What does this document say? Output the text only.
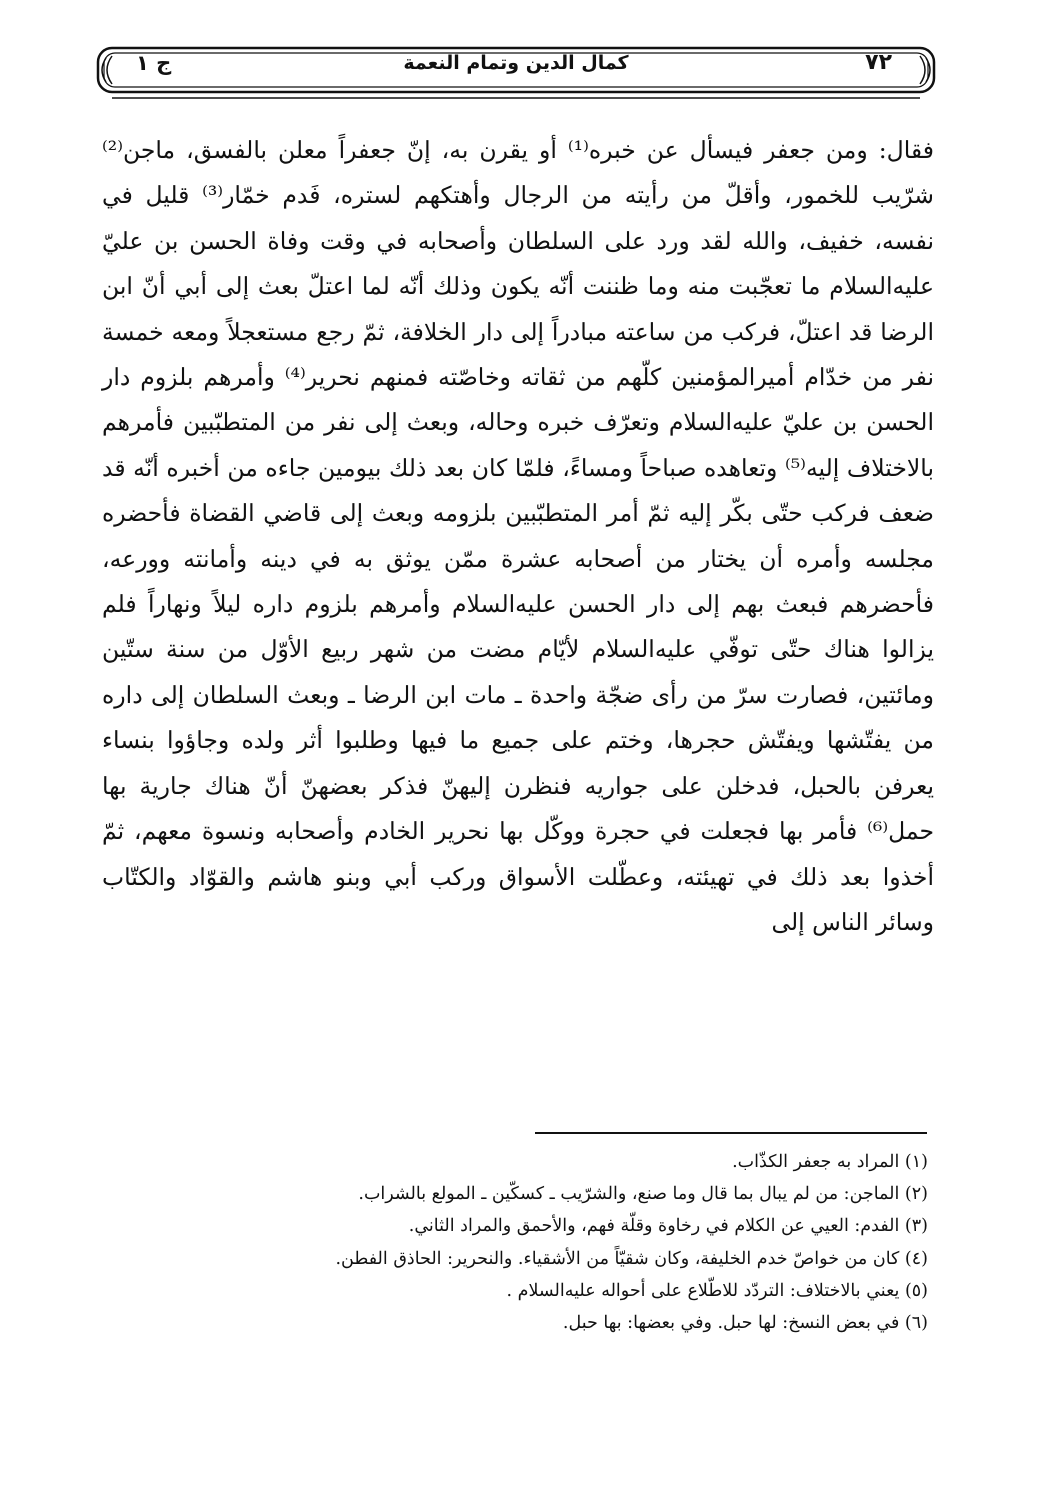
٧٢
كمال الدين وتمام النعمة
ج ١

فقال: ومن جعفر فيسأل عن خبره⁽¹⁾ أو يقرن به، إنّ جعفراً معلن بالفسق، ماجن⁽²⁾ شرّيب للخمور، وأقلّ من رأيته من الرجال وأهتكهم لستره، فَدم خمّار⁽³⁾ قليل في نفسه، خفيف، والله لقد ورد على السلطان وأصحابه في وقت وفاة الحسن بن عليّ عليه‌السلام ما تعجّبت منه وما ظننت أنّه يكون وذلك أنّه لما اعتلّ بعث إلى أبي أنّ ابن الرضا قد اعتلّ، فركب من ساعته مبادراً إلى دار الخلافة، ثمّ رجع مستعجلاً ومعه خمسة نفر من خدّام أميرالمؤمنين كلّهم من ثقاته وخاصّته فمنهم نحرير⁽⁴⁾ وأمرهم بلزوم دار الحسن بن عليّ عليه‌السلام وتعرّف خبره وحاله، وبعث إلى نفر من المتطبّبين فأمرهم بالاختلاف إليه⁽⁵⁾ وتعاهده صباحاً ومساءً، فلمّا كان بعد ذلك بيومين جاءه من أخبره أنّه قد ضعف فركب حتّى بكّر إليه ثمّ أمر المتطبّبين بلزومه وبعث إلى قاضي القضاة فأحضره مجلسه وأمره أن يختار من أصحابه عشرة ممّن يوثق به في دينه وأمانته وورعه، فأحضرهم فبعث بهم إلى دار الحسن عليه‌السلام وأمرهم بلزوم داره ليلاً ونهاراً فلم يزالوا هناك حتّى توفّي عليه‌السلام لأيّام مضت من شهر ربيع الأوّل من سنة ستّين ومائتين، فصارت سرّ من رأى ضجّة واحدة ـ مات ابن الرضا ـ وبعث السلطان إلى داره من يفتّشها ويفتّش حجرها، وختم على جميع ما فيها وطلبوا أثر ولده وجاؤوا بنساء يعرفن بالحبل، فدخلن على جواريه فنظرن إليهنّ فذكر بعضهنّ أنّ هناك جارية بها حمل⁽⁶⁾ فأمر بها فجعلت في حجرة ووكّل بها نحرير الخادم وأصحابه ونسوة معهم، ثمّ أخذوا بعد ذلك في تهيئته، وعطّلت الأسواق وركب أبي وبنو هاشم والقوّاد والكتّاب وسائر الناس إلى

(١) المراد به جعفر الكذّاب.
(٢) الماجن: من لم يبال بما قال وما صنع، والشرّيب ـ كسكّين ـ المولع بالشراب.
(٣) الفدم: العيي عن الكلام في رخاوة وقلّة فهم، والأحمق والمراد الثاني.
(٤) كان من خواصّ خدم الخليفة، وكان شقيّاً من الأشقياء. والنحرير: الحاذق الفطن.
(٥) يعني بالاختلاف: التردّد للاطّلاع على أحواله عليه‌السلام .
(٦) في بعض النسخ: لها حبل. وفي بعضها: بها حبل.
